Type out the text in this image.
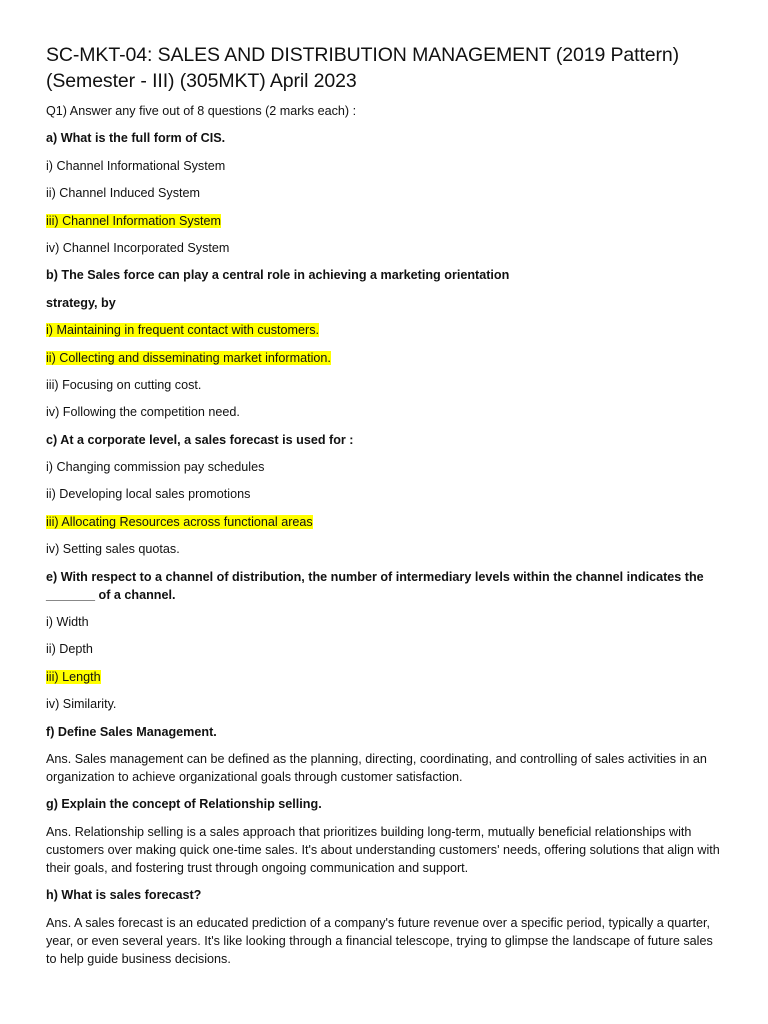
SC-MKT-04: SALES AND DISTRIBUTION MANAGEMENT (2019 Pattern) (Semester - III) (305MKT) April 2023
Q1) Answer any five out of 8 questions (2 marks each) :
a) What is the full form of CIS.
i) Channel Informational System
ii) Channel Induced System
iii) Channel Information System
iv) Channel Incorporated System
b) The Sales force can play a central role in achieving a marketing orientation
strategy, by
i) Maintaining in frequent contact with customers.
ii) Collecting and disseminating market information.
iii) Focusing on cutting cost.
iv) Following the competition need.
c) At a corporate level, a sales forecast is used for :
i) Changing commission pay schedules
ii) Developing local sales promotions
iii) Allocating Resources across functional areas
iv) Setting sales quotas.
e) With respect to a channel of distribution, the number of intermediary levels within the channel indicates the _______ of a channel.
i) Width
ii) Depth
iii) Length
iv) Similarity.
f) Define Sales Management.
Ans. Sales management can be defined as the planning, directing, coordinating, and controlling of sales activities in an organization to achieve organizational goals through customer satisfaction.
g) Explain the concept of Relationship selling.
Ans. Relationship selling is a sales approach that prioritizes building long-term, mutually beneficial relationships with customers over making quick one-time sales. It's about understanding customers' needs, offering solutions that align with their goals, and fostering trust through ongoing communication and support.
h) What is sales forecast?
Ans. A sales forecast is an educated prediction of a company's future revenue over a specific period, typically a quarter, year, or even several years. It's like looking through a financial telescope, trying to glimpse the landscape of future sales to help guide business decisions.
